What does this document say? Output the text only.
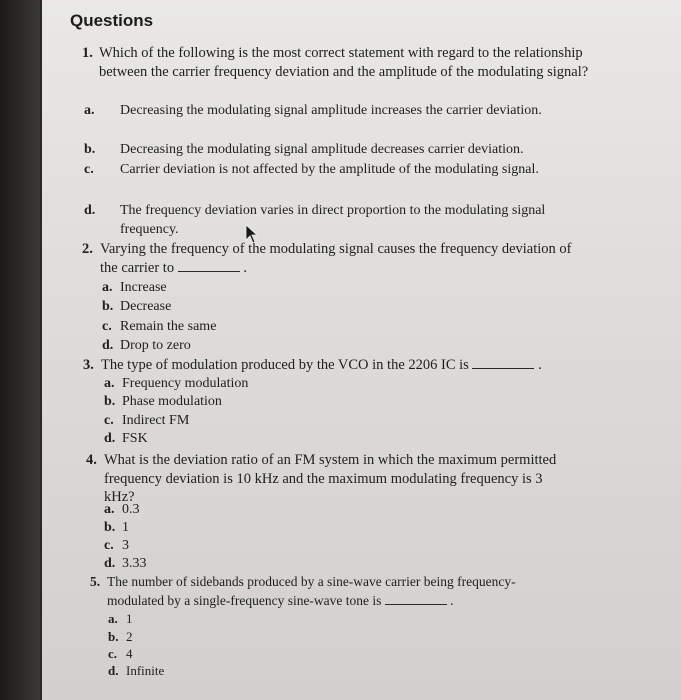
Questions
1. Which of the following is the most correct statement with regard to the relationship between the carrier frequency deviation and the amplitude of the modulating signal?
a. Decreasing the modulating signal amplitude increases the carrier deviation.
b. Decreasing the modulating signal amplitude decreases carrier deviation.
c. Carrier deviation is not affected by the amplitude of the modulating signal.
d. The frequency deviation varies in direct proportion to the modulating signal frequency.
2. Varying the frequency of the modulating signal causes the frequency deviation of the carrier to	.
a. Increase
b. Decrease
c. Remain the same
d. Drop to zero
3. The type of modulation produced by the VCO in the 2206 IC is	.
a. Frequency modulation
b. Phase modulation
c. Indirect FM
d. FSK
4. What is the deviation ratio of an FM system in which the maximum permitted frequency deviation is 10 kHz and the maximum modulating frequency is 3 kHz?
a. 0.3
b. 1
c. 3
d. 3.33
5. The number of sidebands produced by a sine-wave carrier being frequency-modulated by a single-frequency sine-wave tone is	.
a. 1
b. 2
c. 4
d. Infinite
